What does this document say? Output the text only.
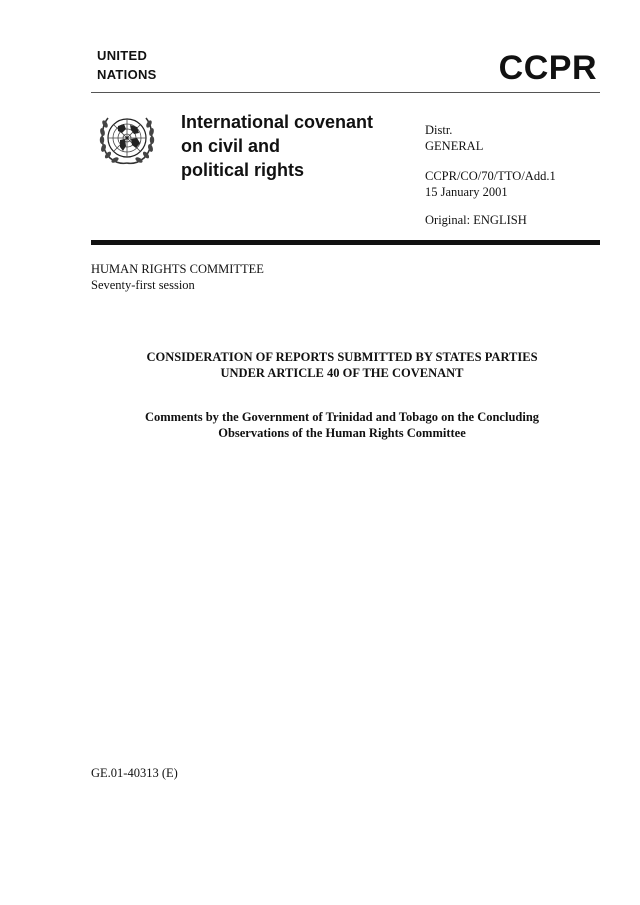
UNITED
NATIONS	CCPR
International covenant
on civil and
political rights
Distr.
GENERAL
CCPR/CO/70/TTO/Add.1
15 January 2001
Original: ENGLISH
HUMAN RIGHTS COMMITTEE
Seventy-first session
CONSIDERATION OF REPORTS SUBMITTED BY STATES PARTIES
UNDER ARTICLE 40 OF THE COVENANT
Comments by the Government of Trinidad and Tobago on the Concluding
Observations of the Human Rights Committee
GE.01-40313 (E)
